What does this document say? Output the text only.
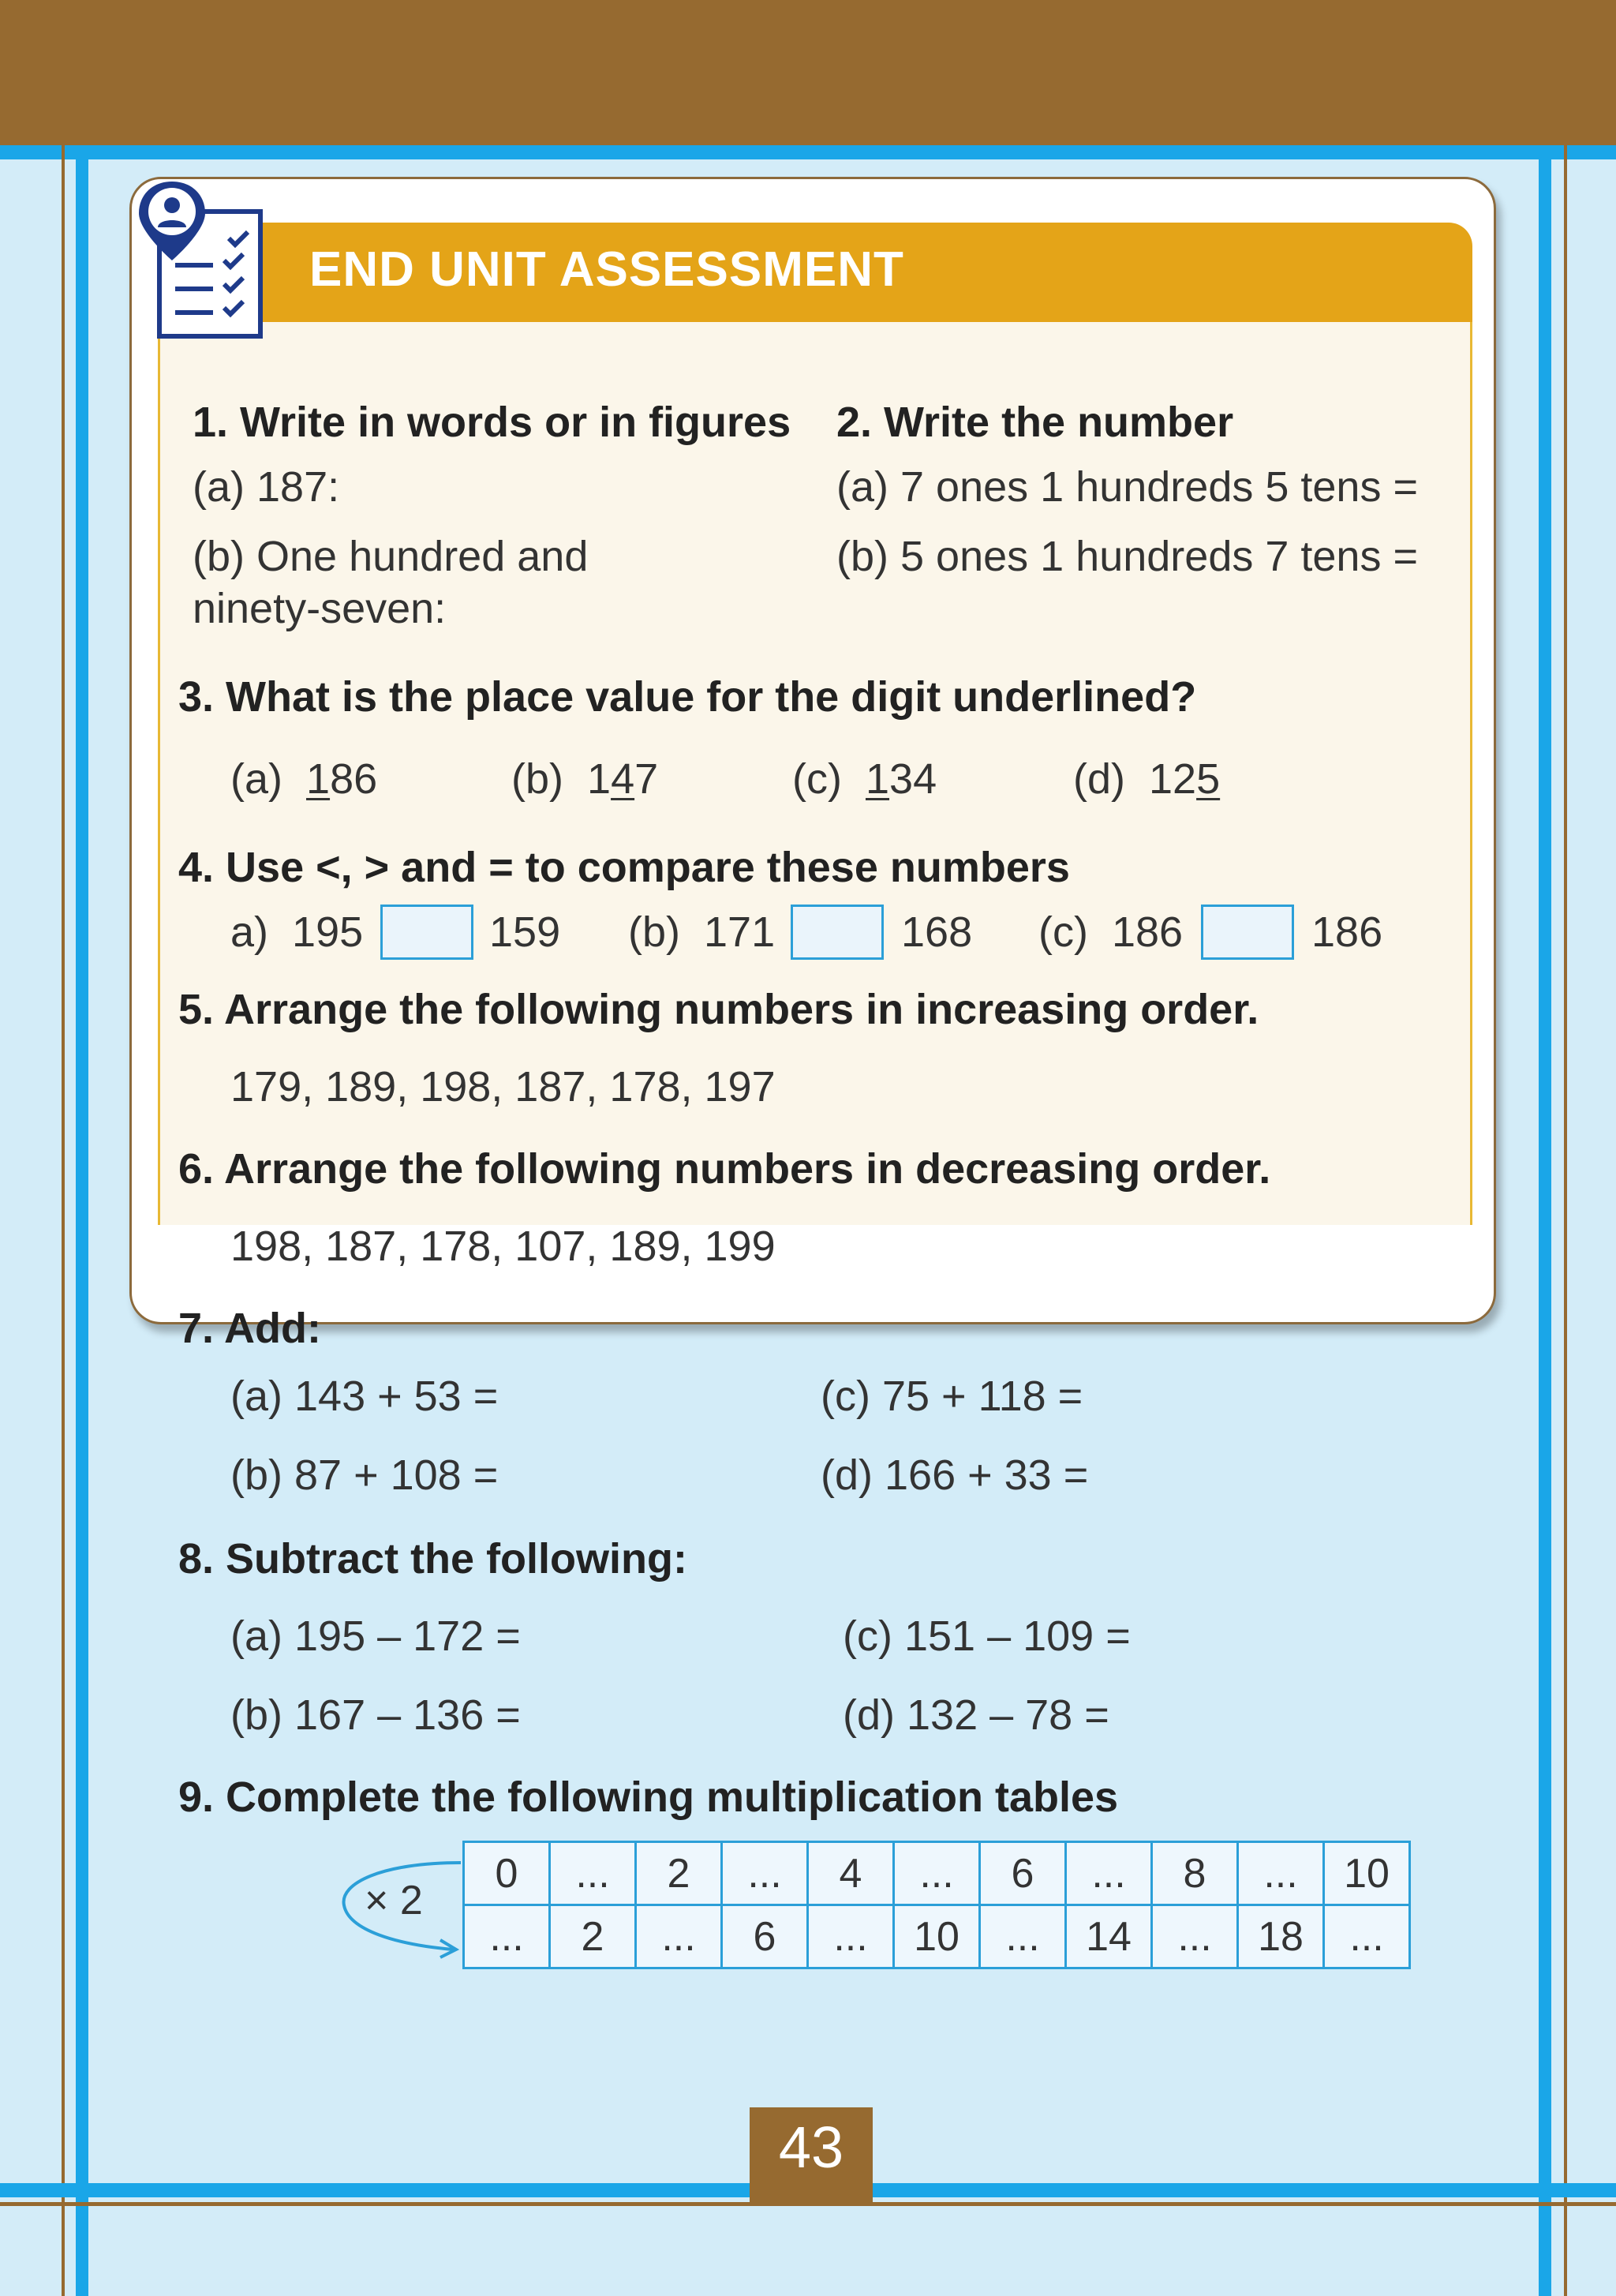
END UNIT ASSESSMENT
1. Write in words or in figures
(a) 187:
(b) One hundred and
ninety-seven:
2. Write the number
(a) 7 ones 1 hundreds 5 tens =
(b) 5 ones 1 hundreds 7 tens =
3. What is the place value for the digit underlined?
(a) 186	(b) 147	(c) 134	(d) 125
4. Use <, > and = to compare these numbers
a) 195	159 (b) 171	168 (c) 186	186
5. Arrange the following numbers in increasing order.
179, 189, 198, 187, 178, 197
6. Arrange the following numbers in decreasing order.
198, 187, 178, 107, 189, 199
7. Add:
(a) 143 + 53 =
(b) 87 + 108 =
(c) 75 + 118 =
(d) 166 + 33 =
8. Subtract the following:
(a) 195 – 172 =
(b) 167 – 136 =
(c) 151 – 109 =
(d) 132 – 78 =
9. Complete the following multiplication tables
× 2
0	...	2	...	4	...	6	...	8	...	10
...	2	...	6	...	10	...	14	...	18	...
43
